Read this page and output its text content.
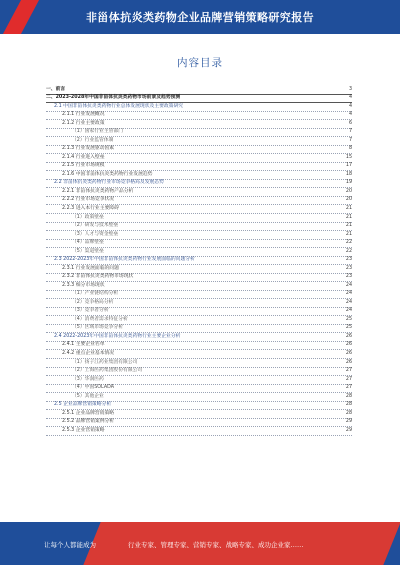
非甾体抗炎类药物企业品牌营销策略研究报告
内容目录
一、前言	3
二、2023-2028年中国非甾体抗炎类药物市场前景及趋势预测	4
2.1 中国非甾体抗炎类药物行业总体发展现状及主要政策研究	4
2.1.1 行业发展概况	4
2.1.2 行业主要政策	6
（1）国家行业主管部门	7
（2）行业监管体制	7
2.1.3 行业发展驱动因素	8
2.1.4 行业进入壁垒	15
2.1.5 行业市场规模	17
2.1.6 中国非甾体抗炎类药物行业发展趋势	18
2.2 非甾体抗炎类药物行业市场竞争格局及发展态势	19
2.2.1 非甾体抗炎类药物产品分析	20
2.2.2 行业市场竞争状况	20
2.2.3 进入本行业主要障碍	21
（1）政策壁垒	21
（2）研发与技术壁垒	21
（3）人才与资金壁垒	21
（4）品牌壁垒	22
（5）渠道壁垒	22
2.3 2022-2023年中国非甾体抗炎类药物行业发展面临的问题分析	23
2.3.1 行业发展面临的问题	23
2.3.2 非甾体抗炎类药物市场现状	23
2.3.3 细分市场现状	24
（1）产业链结构分析	24
（2）竞争格局分析	24
（3）竞争者分析	24
（4）消费者需求特征分析	25
（5）区域市场竞争分析	25
2.4 2022-2023年中国非甾体抗炎类药物行业主要企业分析	26
2.4.1 主要企业名单	26
2.4.2 重点企业基本情况	26
（1）扬子江药业集团有限公司	26
（2）上海医药集团股份有限公司	27
（3）华润医药	27
（4）中国SOLADA	27
（5）其他企业	28
2.5 企业品牌营销策略分析	28
2.5.1 企业品牌营销策略	28
2.5.2 品牌营销案例分析	29
2.5.3 企业营销策略	29
让每个人都能成为	行业专家、管理专家、营销专家、战略专家、成功企业家……
